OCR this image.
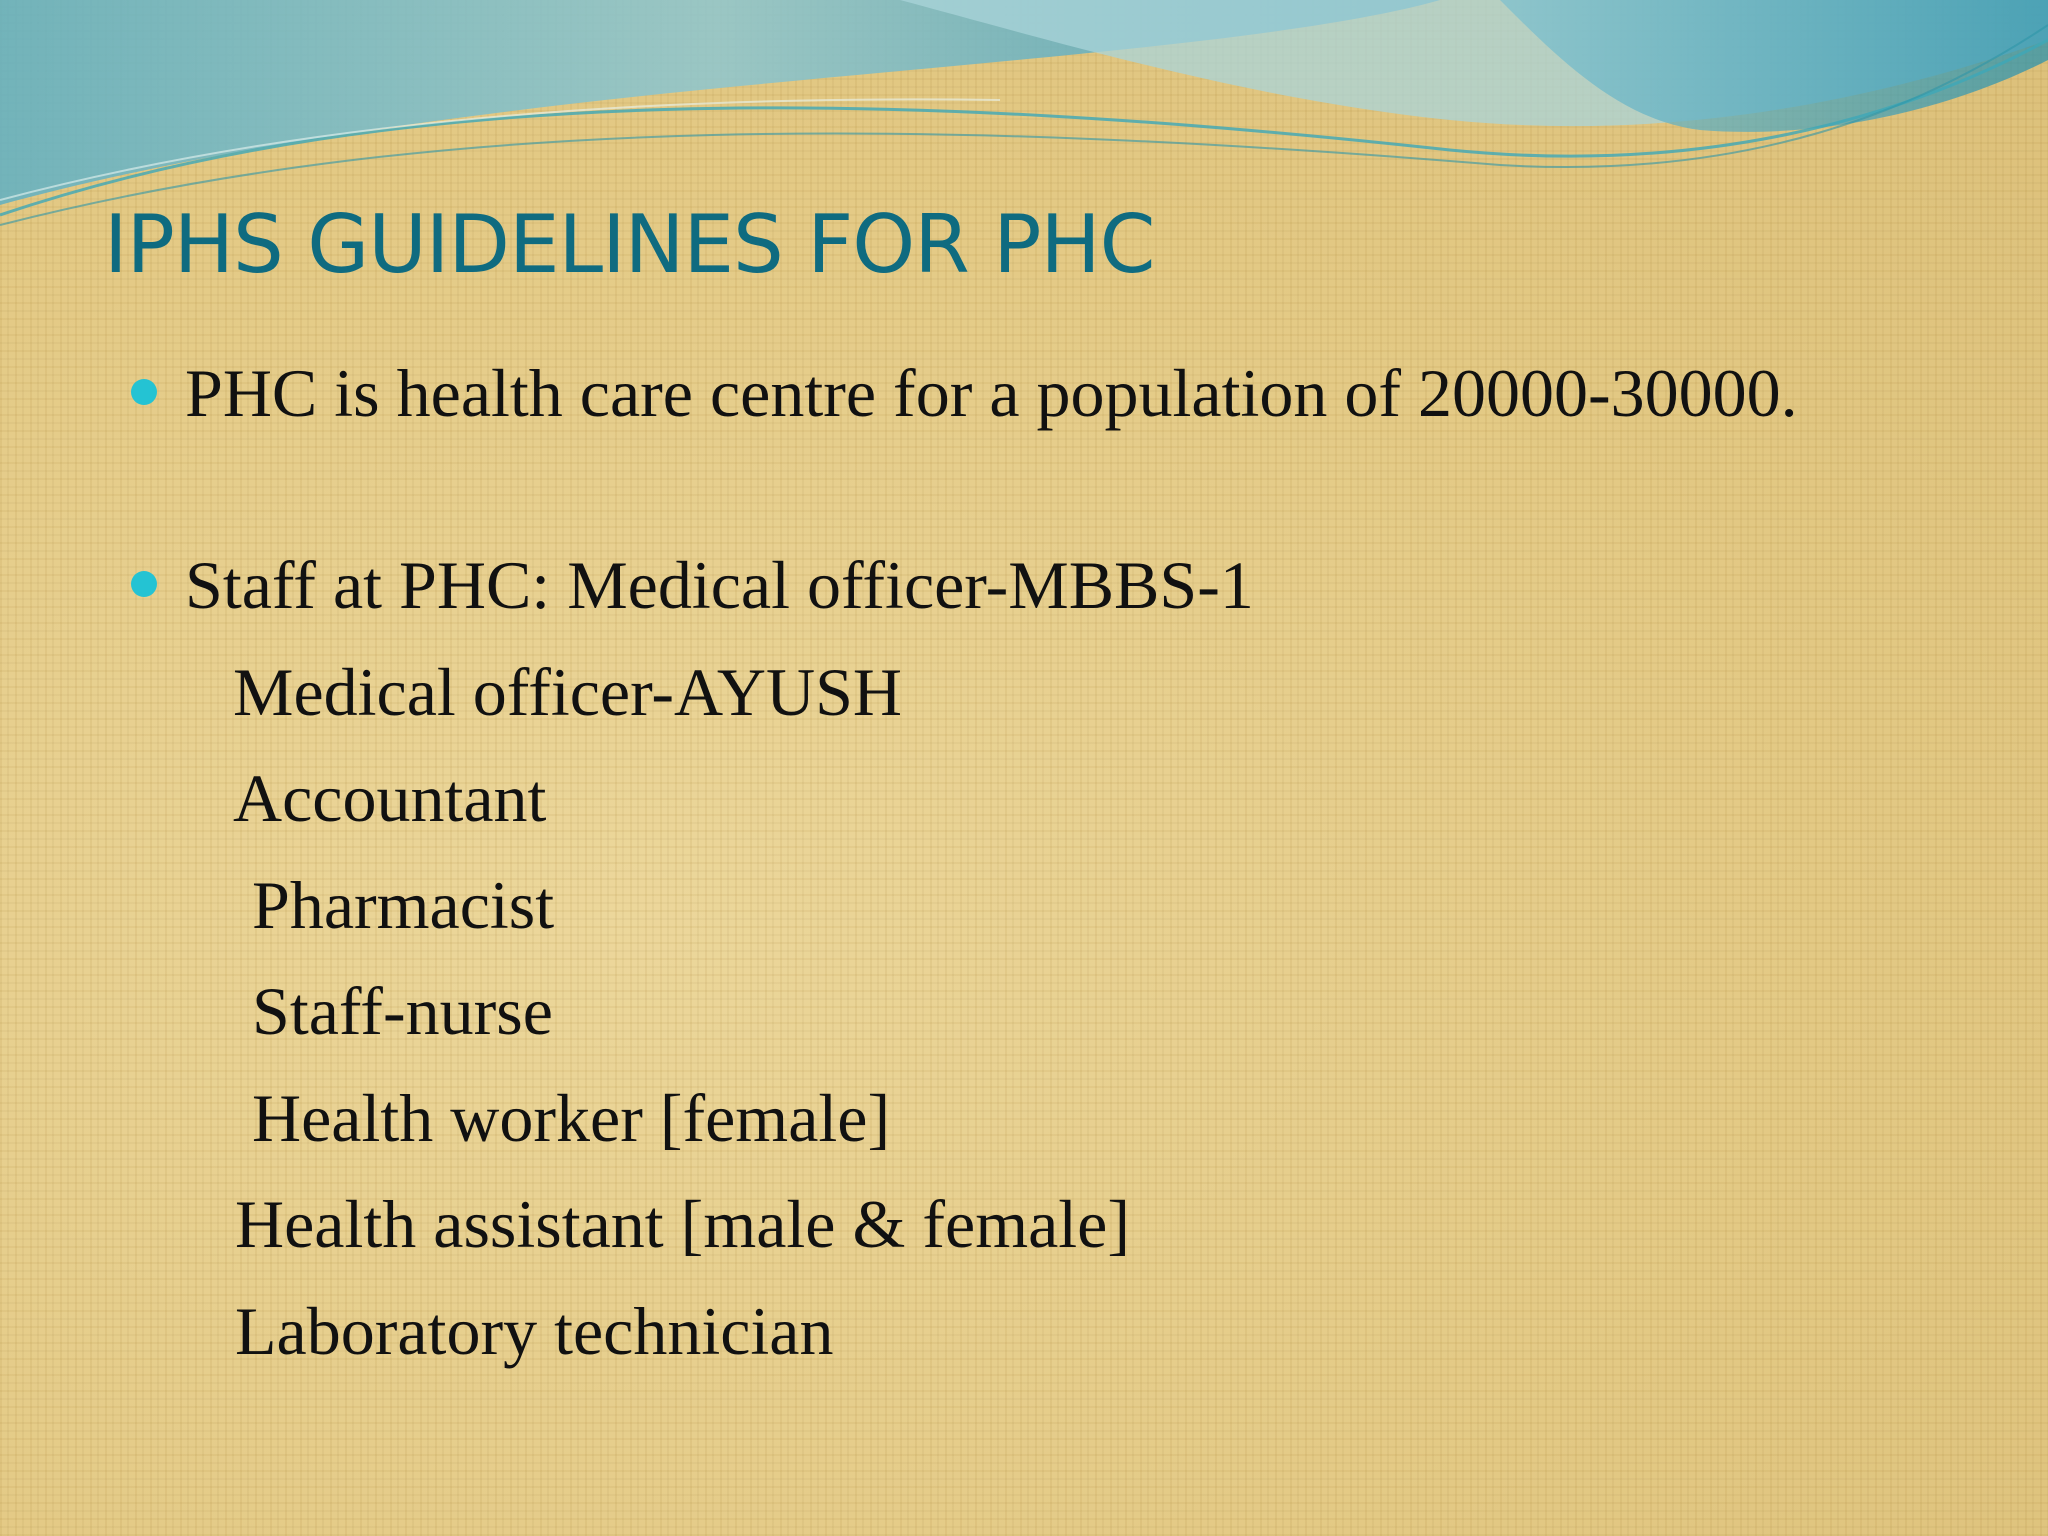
IPHS GUIDELINES FOR PHC
PHC is health care centre for a population of 20000-30000.
Staff at PHC: Medical officer-MBBS-1
Medical officer-AYUSH
Accountant
Pharmacist
Staff-nurse
Health worker [female]
Health assistant [male & female]
Laboratory technician
